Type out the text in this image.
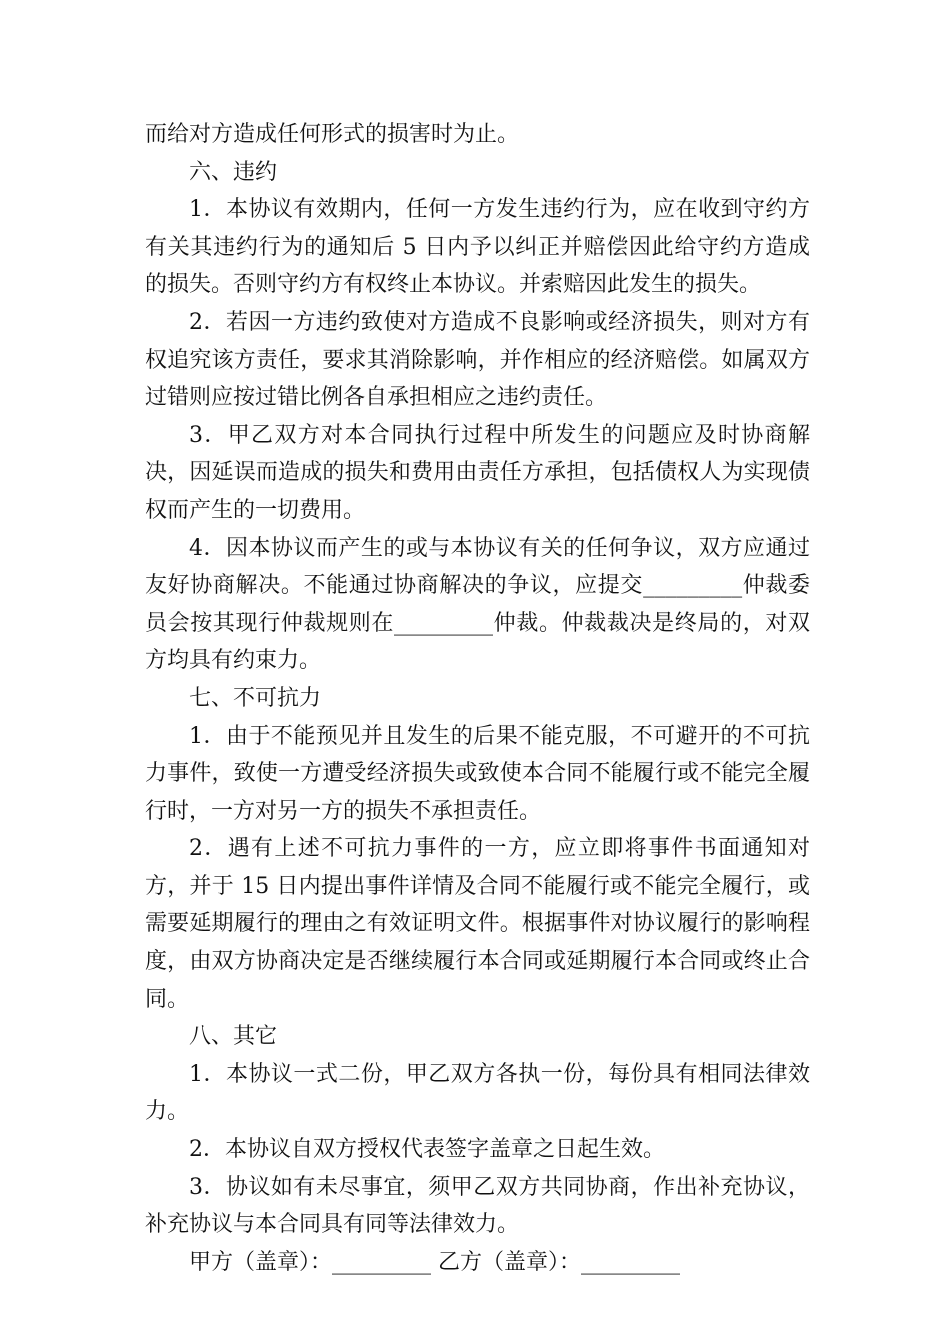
而给对方造成任何形式的损害时为止。

六、违约

1．本协议有效期内，任何一方发生违约行为，应在收到守约方有关其违约行为的通知后 5 日内予以纠正并赔偿因此给守约方造成的损失。否则守约方有权终止本协议。并索赔因此发生的损失。

2．若因一方违约致使对方造成不良影响或经济损失，则对方有权追究该方责任，要求其消除影响，并作相应的经济赔偿。如属双方过错则应按过错比例各自承担相应之违约责任。

3．甲乙双方对本合同执行过程中所发生的问题应及时协商解决，因延误而造成的损失和费用由责任方承担，包括债权人为实现债权而产生的一切费用。

4．因本协议而产生的或与本协议有关的任何争议，双方应通过友好协商解决。不能通过协商解决的争议，应提交_________仲裁委员会按其现行仲裁规则在_________仲裁。仲裁裁决是终局的，对双方均具有约束力。

七、不可抗力

1．由于不能预见并且发生的后果不能克服，不可避开的不可抗力事件，致使一方遭受经济损失或致使本合同不能履行或不能完全履行时，一方对另一方的损失不承担责任。

2．遇有上述不可抗力事件的一方，应立即将事件书面通知对方，并于 15 日内提出事件详情及合同不能履行或不能完全履行，或需要延期履行的理由之有效证明文件。根据事件对协议履行的影响程度，由双方协商决定是否继续履行本合同或延期履行本合同或终止合同。

八、其它

1．本协议一式二份，甲乙双方各执一份，每份具有相同法律效力。

2．本协议自双方授权代表签字盖章之日起生效。

3．协议如有未尽事宜，须甲乙双方共同协商，作出补充协议，补充协议与本合同具有同等法律效力。

甲方（盖章）：_________ 乙方（盖章）：_________
